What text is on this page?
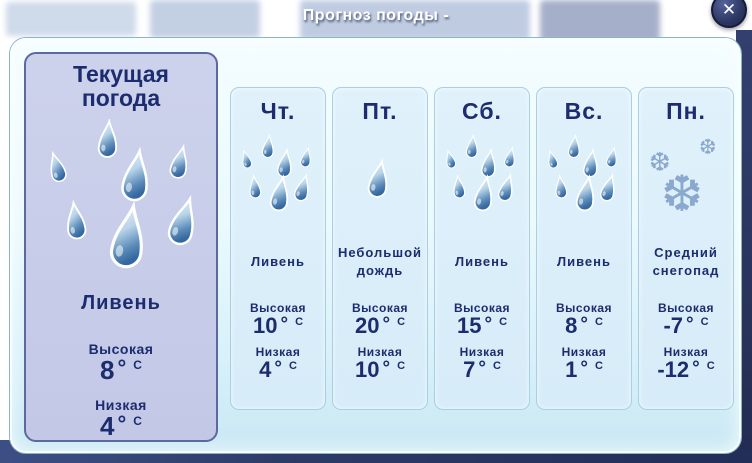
Прогноз погоды -	✕
Текущая погода
Ливень
Высокая
8 ° C
Низкая
4 ° C
Чт.
Ливень
Высокая
10 ° C
Низкая
4 ° C
Пт.
Небольшой дождь
Высокая
20 ° C
Низкая
10 ° C
Сб.
Ливень
Высокая
15 ° C
Низкая
7 ° C
Вс.
Ливень
Высокая
8 ° C
Низкая
1 ° C
Пн.
❆ ❆
❆
Средний снегопад
Высокая
-7 ° C
Низкая
-12 ° C
